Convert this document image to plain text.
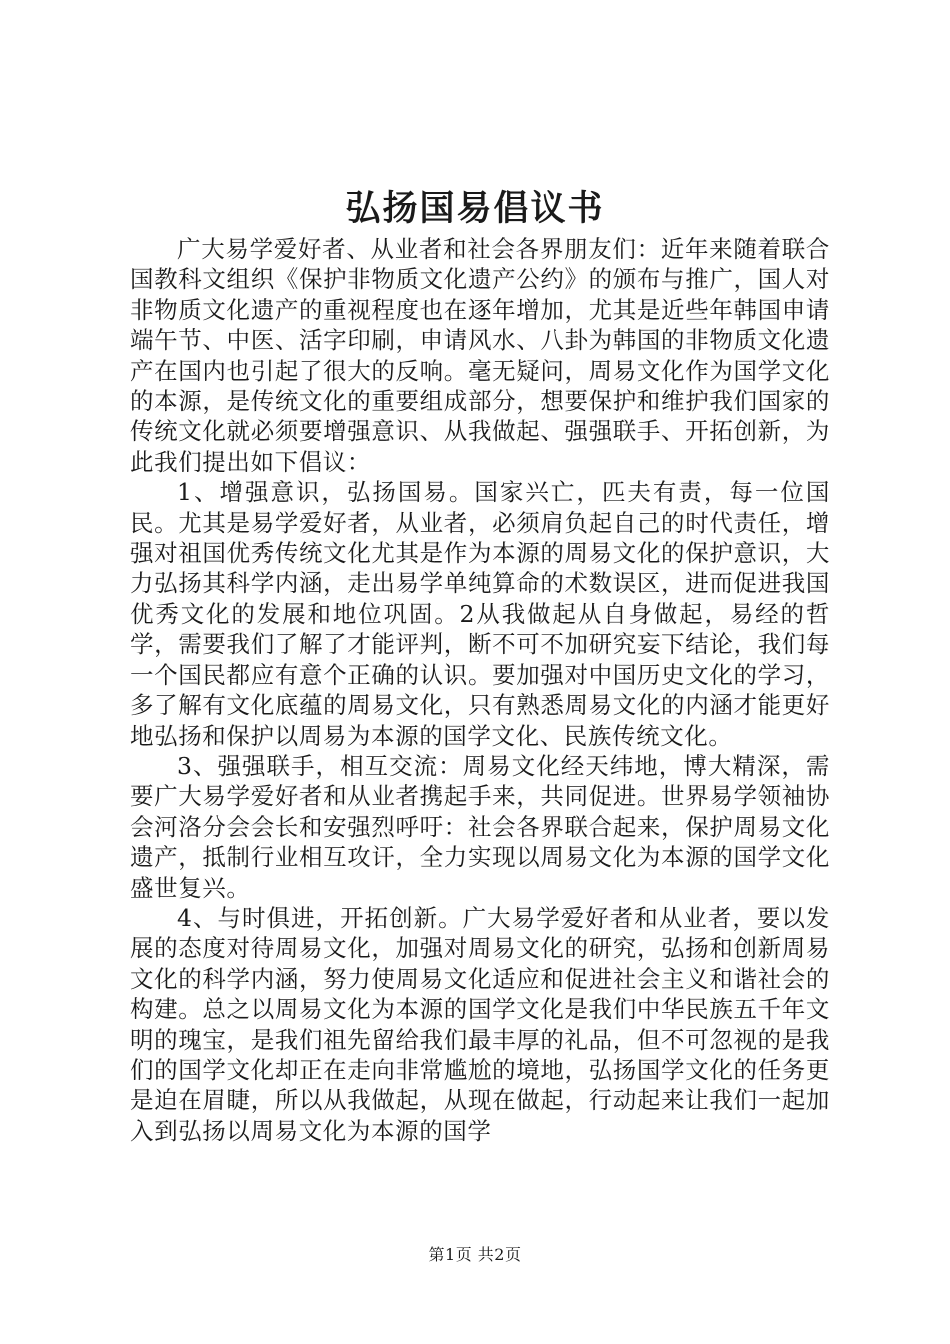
弘扬国易倡议书

广大易学爱好者、从业者和社会各界朋友们：近年来随着联合国教科文组织《保护非物质文化遗产公约》的颁布与推广，国人对非物质文化遗产的重视程度也在逐年增加，尤其是近些年韩国申请端午节、中医、活字印刷，申请风水、八卦为韩国的非物质文化遗产在国内也引起了很大的反响。毫无疑问，周易文化作为国学文化的本源，是传统文化的重要组成部分，想要保护和维护我们国家的传统文化就必须要增强意识、从我做起、强强联手、开拓创新，为此我们提出如下倡议：

1、增强意识，弘扬国易。国家兴亡，匹夫有责，每一位国民。尤其是易学爱好者，从业者，必须肩负起自己的时代责任，增强对祖国优秀传统文化尤其是作为本源的周易文化的保护意识，大力弘扬其科学内涵，走出易学单纯算命的术数误区，进而促进我国优秀文化的发展和地位巩固。2从我做起从自身做起，易经的哲学，需要我们了解了才能评判，断不可不加研究妄下结论，我们每一个国民都应有意个正确的认识。要加强对中国历史文化的学习，多了解有文化底蕴的周易文化，只有熟悉周易文化的内涵才能更好地弘扬和保护以周易为本源的国学文化、民族传统文化。

3、强强联手，相互交流：周易文化经天纬地，博大精深，需要广大易学爱好者和从业者携起手来，共同促进。世界易学领袖协会河洛分会会长和安强烈呼吁：社会各界联合起来，保护周易文化遗产，抵制行业相互攻讦，全力实现以周易文化为本源的国学文化盛世复兴。

4、与时俱进，开拓创新。广大易学爱好者和从业者，要以发展的态度对待周易文化，加强对周易文化的研究，弘扬和创新周易文化的科学内涵，努力使周易文化适应和促进社会主义和谐社会的构建。总之以周易文化为本源的国学文化是我们中华民族五千年文明的瑰宝，是我们祖先留给我们最丰厚的礼品，但不可忽视的是我们的国学文化却正在走向非常尴尬的境地，弘扬国学文化的任务更是迫在眉睫，所以从我做起，从现在做起，行动起来让我们一起加入到弘扬以周易文化为本源的国学

第1页 共2页
